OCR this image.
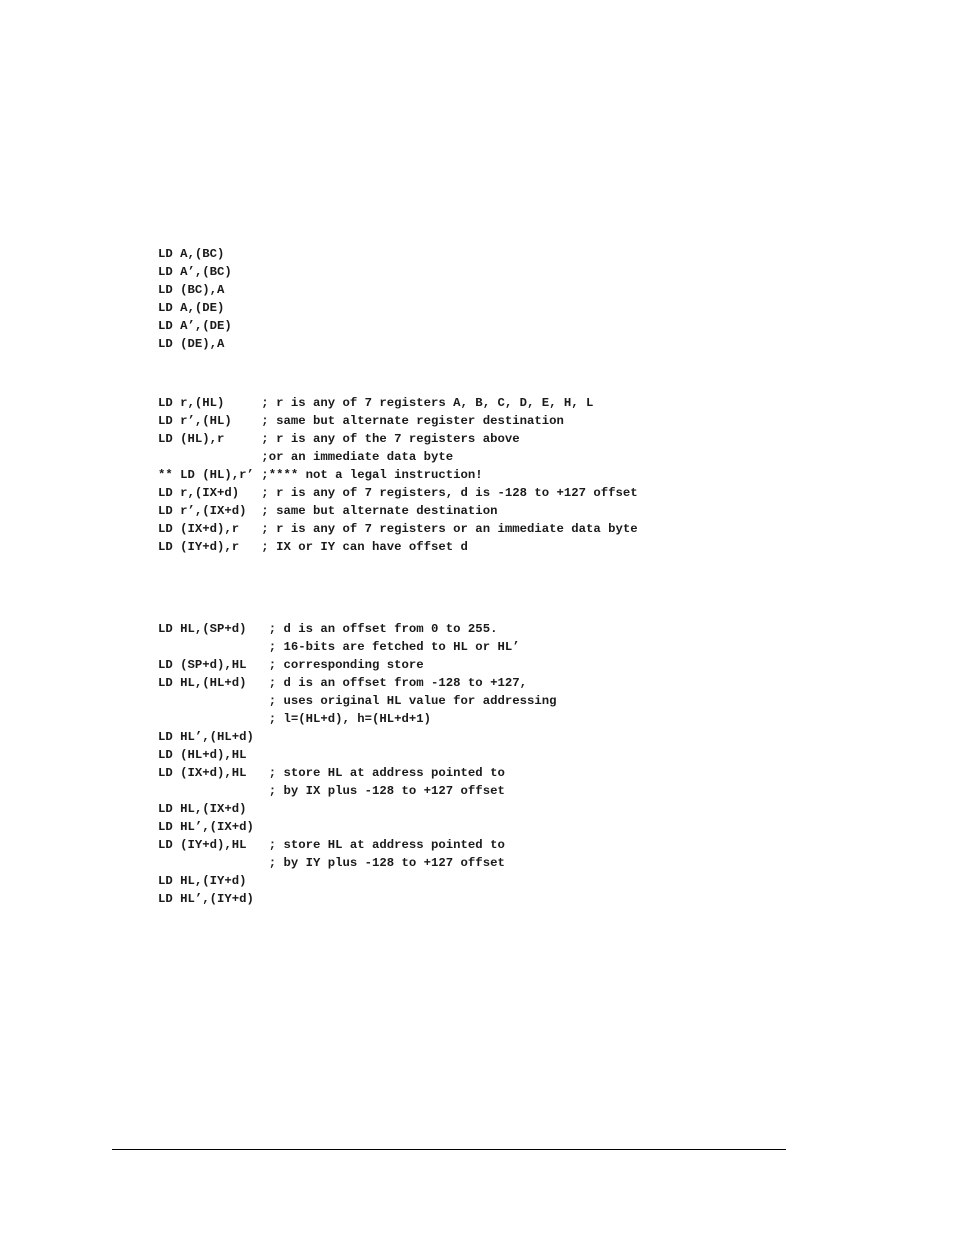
LD A,(BC)
LD A’,(BC)
LD (BC),A
LD A,(DE)
LD A’,(DE)
LD (DE),A
LD r,(HL)     ; r is any of 7 registers A, B, C, D, E, H, L
LD r’,(HL)    ; same but alternate register destination
LD (HL),r     ; r is any of the 7 registers above
;or an immediate data byte
** LD (HL),r’ ;**** not a legal instruction!
LD r,(IX+d)   ; r is any of 7 registers, d is -128 to +127 offset
LD r’,(IX+d)  ; same but alternate destination
LD (IX+d),r   ; r is any of 7 registers or an immediate data byte
LD (IY+d),r   ; IX or IY can have offset d
LD HL,(SP+d)   ; d is an offset from 0 to 255.
; 16-bits are fetched to HL or HL’
LD (SP+d),HL   ; corresponding store
LD HL,(HL+d)   ; d is an offset from -128 to +127,
; uses original HL value for addressing
; l=(HL+d), h=(HL+d+1)
LD HL’,(HL+d)
LD (HL+d),HL
LD (IX+d),HL   ; store HL at address pointed to
; by IX plus -128 to +127 offset
LD HL,(IX+d)
LD HL’,(IX+d)
LD (IY+d),HL   ; store HL at address pointed to
; by IY plus -128 to +127 offset
LD HL,(IY+d)
LD HL’,(IY+d)
